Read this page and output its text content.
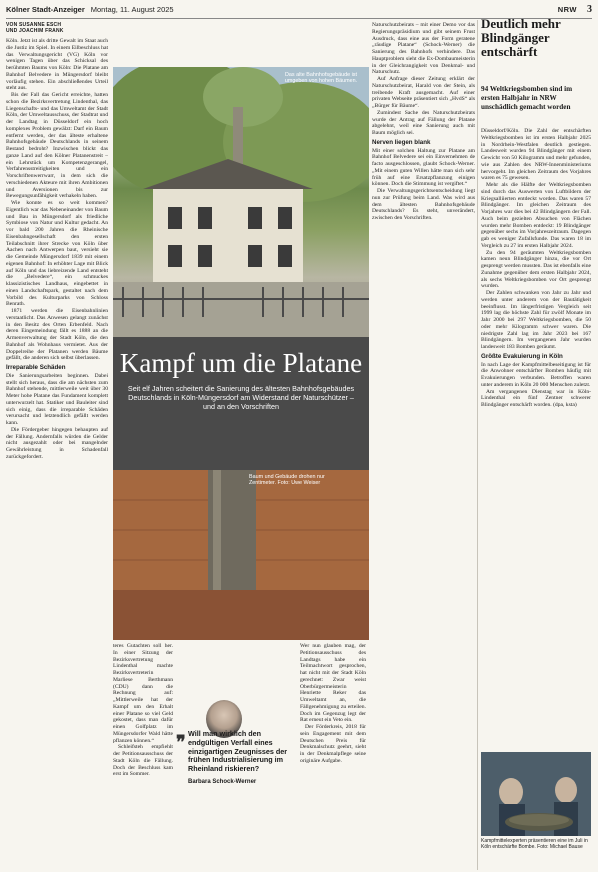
Kölner Stadt-Anzeiger Montag, 11. August 2025	NRW 3
VON SUSANNE ESCH
UND JOACHIM FRANK

Köln. Jetzt ist als dritte Gewalt im Staat auch die Justiz im Spiel. In einem Eilbeschluss hat das Verwaltungsgericht (VG) Köln vor wenigen Tagen über das Schicksal des berühmten Baums von Köln: Die Platane am Bahnhof Belvedere in Müngersdorf bleibt vorläufig stehen. Ein abschließendes Urteil steht aus.

Bis der Fall das Gericht erreichte, hatten schon die Bezirksvertretung Lindenthal, das Liegenschafts- und das Umweltamt der Stadt Köln, der Umweltausschuss, der Stadtrat und der Landtag in Düsseldorf ein hoch komplexes Problem gewälzt: Darf ein Baum entfernt werden, der das älteste erhaltene Bahnhofsgebäude Deutschlands in seinem Bestand bedroht? Inzwischen blickt das ganze Land auf den Kölner Platanenstreit – ein Lehrstück um Kompetenzgerangel, Verfahrensstreitigkeiten und ein Vorschriftenwerrwarr, in dem sich die verschiedenen Akteure mit ihren Ambitionen und Aversionen bis zur Bewegungsunfähigkeit verhakeln haben.

Wie konnte es so weit kommen? Eigentlich war das Nebeneinander von Baum und Bau in Müngersdorf als friedliche Symbiose von Natur und Kultur gedacht. An vor bald 200 Jahren die Rheinische Eisenbahngesellschaft den ersten Teilabschnitt ihrer Strecke von Köln über Aachen nach Antwerpen baut, versieht sie die Gemeinde Müngersdorf 1839 mit einem eigenen Bahnhof: In erhöhter Lage mit Blick auf Köln und das liebreizende Land entsteht die „Belvedere“, ein schmuckes klassizistisches Landhaus, eingebettet in einen Landschaftspark, gestaltet nach dem Vorbild des Kulturparks von Schloss Benrath.

1871 werden die Eisenbahnlinien verstaatlicht. Das Anwesen gelangt zunächst in den Besitz des Orten Erbenfeld. Nach deren Eingemeindung fällt es 1888 an die Armenverwaltung der Stadt Köln, die den Bahnhof als Wohnhaus vermietet. Aus der Doppelreihe der Platanen werden Bäume gefällt, die anderen sich selbst überlassen.

Irreparable Schäden

Die Sanierungsarbeiten beginnen. Dabei stellt sich heraus, dass die am nächsten zum Bahnhof stehende, mittlerweile weit über 30 Meter hohe Platane das Fundament komplett unterwurzelt hat. Statiker und Bauleiter sind sich einig, dass die irreparable Schäden verursacht und letztendlich gefällt werden kann.

Die Fördergeber hingegen behaupten auf der Fällung. Andernfalls würden die Gelder nicht ausgezahlt oder bei mangelnder Gewährleistung in Schadenfall zurückgefordert.

Das alte Bahnhofsgebäude ist umgeben von hohen Bäumen.
Kampf um die Platane
Seit elf Jahren scheitert die Sanierung des ältesten Bahnhofsgebäudes Deutschlands in Köln-Müngersdorf am Widerstand der Naturschützer – und an den Vorschriften
Baum und Gebäude drohen nur Zentimeter. Foto: Uwe Weiser

teres Gutachten soll her. In einer Sitzung der Bezirksvertretung Lindenthal machte Bezirksvertreterin Marliese Berthmann (CDU) dann die Rechnung auf: „Mittlerweile hat der Kampf um den Erhalt einer Platane so viel Geld gekostet, dass man dafür einen Golfplatz im Müngersdorfer Wald hätte pflanzen können.“

Schleifsteh empfiehlt der Petitionsausschuss der Stadt Köln die Fällung. Doch der Beschluss kam erst im Sommer.

❞ Will man wirklich den endgültigen Verfall eines einzigartigen Zeugnisses der frühen Industrialisierung im Rheinland riskieren?
Barbara Schock-Werner

Wer nun glauben mag, der Petitionsausschuss des Landtags habe ein Teilmachtwort gesprochen, hat nicht mit der Stadt Köln gerechnet: Zwar weist Oberbürgermeisterin Henriette Reker das Umweltamt an, die Fällgenehmigung zu erteilen. Doch im Gegenzug legt der Rat erneut ein Veto ein.

Der Förderkreis, 2018 für sein Engagement mit dem Deutschen Preis für Denkmalschutz geehrt, sieht in der Denkmalpflege seine originäre Aufgabe.

Naturschutzbeirats – mit einer Demo vor das Regierungspräsidium und gibt seinem Frust Ausdruck, dass eine aus der Form geratene „räudige Platane“ (Schock-Werner) die Sanierung des Bahnhofs verhindere. Das Hauptproblem sieht die Ex-Dombaumeisterin in der Gleichrangigkeit von Denkmal- und Naturschutz.

Auf Anfrage dieser Zeitung erklärt der Naturschutzbeirat, Harald von der Stein, als treibende Kraft ausgemacht. Auf einer privaten Webseite präsentiert sich „HvdS“ als „Bürger für Bäume“.

Zumindest Sache des Naturschutzbeirats wurde der Antrag auf Fällung der Platane abgelehnt, weil eine Sanierung auch mit Baum möglich sei.

Nerven liegen blank

Mit einer solchen Haltung zur Platane am Bahnhof Belvedere sei ein Einvernehmen de facto ausgeschlossen, glaubt Schock-Werner. „Mit einem guten Willen hätte man sich sehr früh auf eine Ersatzpflanzung einigen können. Doch die Stimmung ist vergiftet.“

Die Verwaltungsgerichtsentscheidung liegt nun zur Prüfung beim Land. Was wird aus dem ältesten Bahnhofsgebäude Deutschlands? Es steht, unverändert, zwischen den Vorschriften.

Deutlich mehr Blindgänger entschärft
94 Weltkriegsbomben sind im ersten Halbjahr in NRW unschädlich gemacht worden

Düsseldorf/Köln. Die Zahl der entschärften Weltkriegsbomben ist im ersten Halbjahr 2025 in Nordrhein-Westfalen deutlich gestiegen. Landesweit wurden 94 Blindgänger mit einem Gewicht von 50 Kilogramm und mehr gefunden, wie aus Zahlen des NRW-Innenministeriums hervorgeht. Im gleichen Zeitraum des Vorjahres waren es 75 gewesen.

Mehr als die Hälfte der Weltkriegsbomben sind durch das Auswerten von Luftbildern der Kriegsalliierten entdeckt worden. Das waren 57 Blindgänger. Im gleichen Zeitraum des Vorjahres war dies bei 42 Blindgängern der Fall. Auch beim gezielten Absuchen von Flächen wurden mehr Bomben entdeckt: 19 Blindgänger gegenüber sechs im Vorjahreszeitraum. Dagegen gab es weniger Zufallsfunde. Das waren 18 im Vergleich zu 27 im ersten Halbjahr 2024.

Zu den 94 geräumten Weltkriegsbomben kamen neun Blindgänger hinzu, die vor Ort gesprengt werden mussten. Das ist ebenfalls eine Zunahme gegenüber dem ersten Halbjahr 2024, als sechs Weltkriegsbomben vor Ort gesprengt wurden.

Der Zahlen schwanken von Jahr zu Jahr und werden unter anderem von der Bautätigkeit beeinflusst. Im längerfristigen Vergleich seit 1999 lag die höchste Zahl für zwölf Monate im Jahr 2000 bei 297 Weltkriegsbomben, die 50 oder mehr Kilogramm schwer waren. Die niedrigste Zahl lag im Jahr 2023 bei 167 Blindgängern. Im vergangenen Jahr wurden landesweit 183 Bomben geräumt.

Größte Evakuierung in Köln

In nach Lage der Kampfmittelbeseitigung ist für die Anwohner entschärfter Bomben häufig mit Evakuierungen verbunden. Betroffen waren unter anderem in Köln 20 000 Menschen zuletzt.

Am vergangenen Dienstag war in Köln-Lindenthal ein fünf Zentner schwerer Blindgänger entschärft worden. (dpa, ksta)

Kampfmittelexperten präsentieren eine im Juli in Köln entschärfte Bombe. Foto: Michael Bause
